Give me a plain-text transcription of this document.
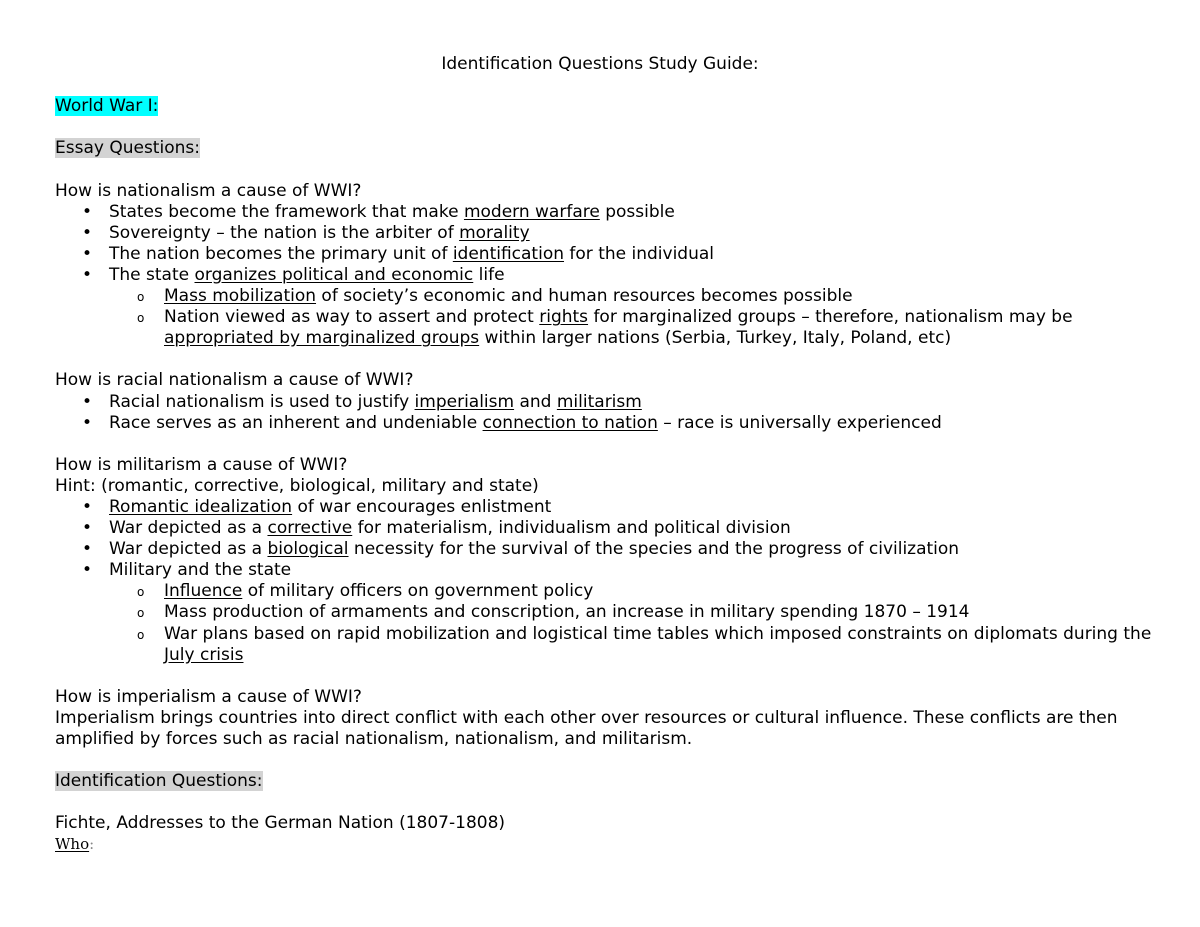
Identification Questions Study Guide:
World War I:
Essay Questions:
How is nationalism a cause of WWI?
• States become the framework that make modern warfare possible
• Sovereignty – the nation is the arbiter of morality
• The nation becomes the primary unit of identification for the individual
• The state organizes political and economic life
o Mass mobilization of society’s economic and human resources becomes possible
o Nation viewed as way to assert and protect rights for marginalized groups – therefore, nationalism may be appropriated by marginalized groups within larger nations (Serbia, Turkey, Italy, Poland, etc)
How is racial nationalism a cause of WWI?
• Racial nationalism is used to justify imperialism and militarism
• Race serves as an inherent and undeniable connection to nation – race is universally experienced
How is militarism a cause of WWI?
Hint: (romantic, corrective, biological, military and state)
• Romantic idealization of war encourages enlistment
• War depicted as a corrective for materialism, individualism and political division
• War depicted as a biological necessity for the survival of the species and the progress of civilization
• Military and the state
o Influence of military officers on government policy
o Mass production of armaments and conscription, an increase in military spending 1870 – 1914
o War plans based on rapid mobilization and logistical time tables which imposed constraints on diplomats during the July crisis
How is imperialism a cause of WWI?
Imperialism brings countries into direct conflict with each other over resources or cultural influence. These conflicts are then amplified by forces such as racial nationalism, nationalism, and militarism.
Identification Questions:
Fichte, Addresses to the German Nation (1807-1808)
Who:
